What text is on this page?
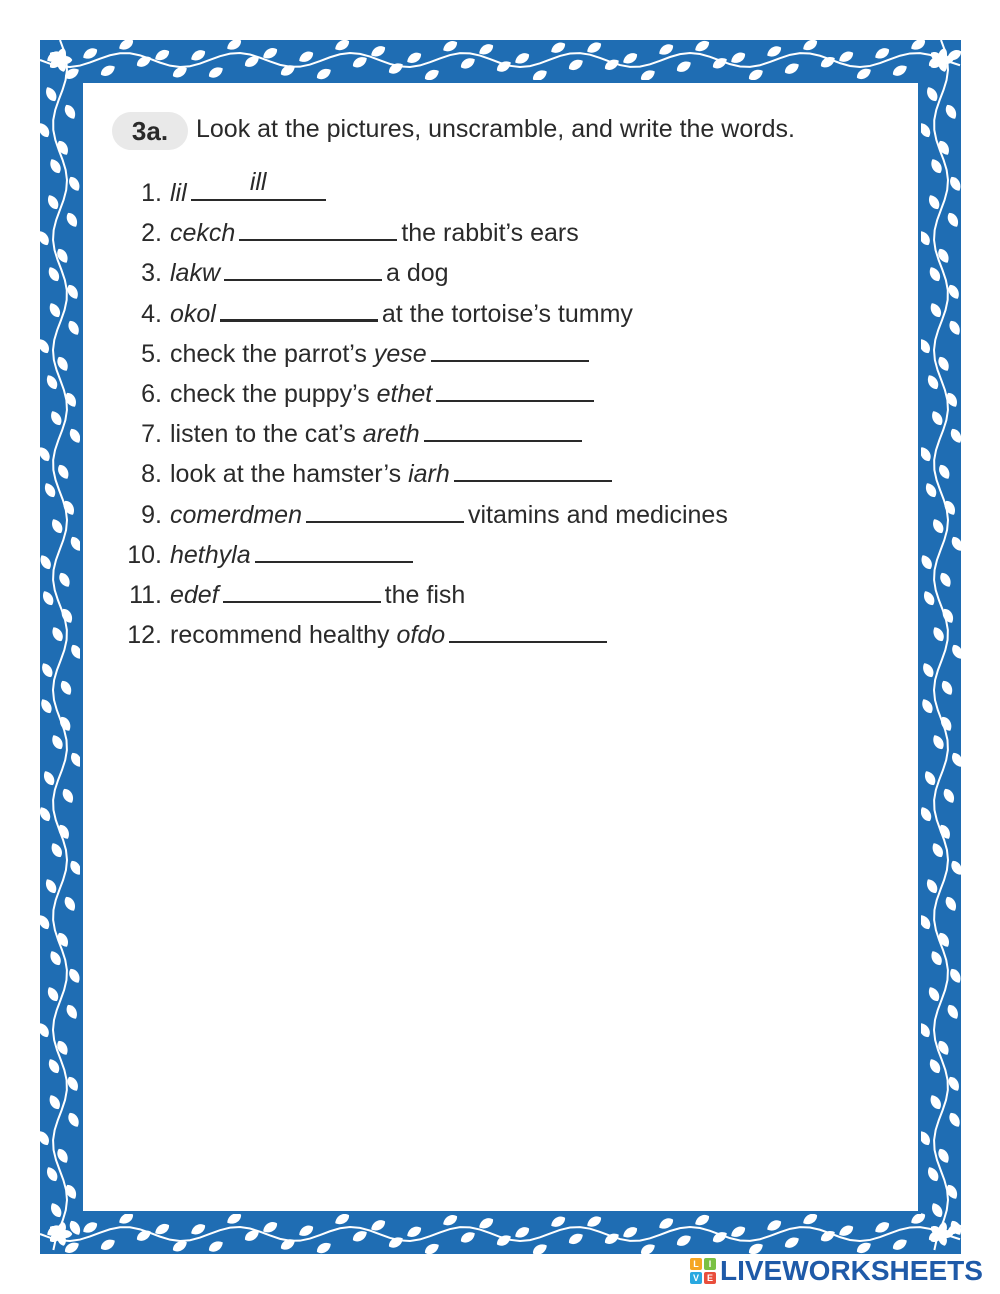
3a.	Look at the pictures, unscramble, and write the words.
1. lil	ill
2. cekch	the rabbit’s ears
3. lakw	a dog
4. okol	at the tortoise’s tummy
5. check the parrot’s yese
6. check the puppy’s ethet
7. listen to the cat’s areth
8. look at the hamster’s iarh
9. comerdmen	vitamins and medicines
10. hethyla
11. edef	the fish
12. recommend healthy ofdo
L	I
V E LIVEWORKSHEETS
